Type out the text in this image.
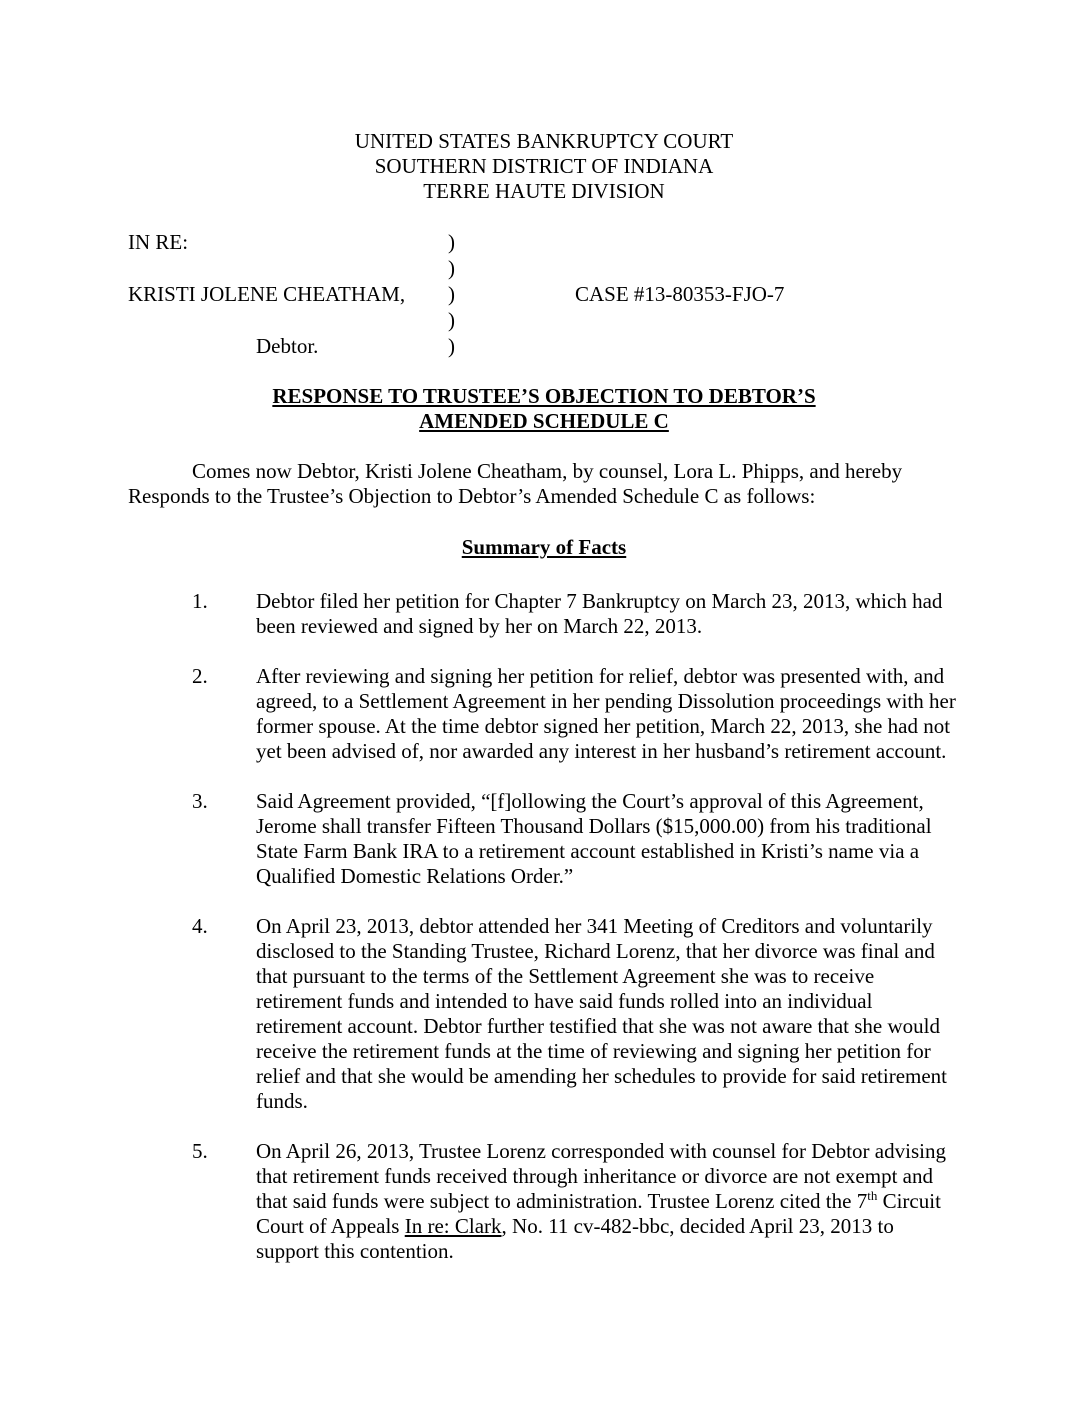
UNITED STATES BANKRUPTCY COURT
SOUTHERN DISTRICT OF INDIANA
TERRE HAUTE DIVISION
IN RE:	)
)
KRISTI JOLENE CHEATHAM, )	CASE #13-80353-FJO-7
)
Debtor.	)
RESPONSE TO TRUSTEE’S OBJECTION TO DEBTOR’S
AMENDED SCHEDULE C

Comes now Debtor, Kristi Jolene Cheatham, by counsel, Lora L. Phipps, and hereby Responds to the Trustee’s Objection to Debtor’s Amended Schedule C as follows:

Summary of Facts
1. Debtor filed her petition for Chapter 7 Bankruptcy on March 23, 2013, which had been reviewed and signed by her on March 22, 2013.
2. After reviewing and signing her petition for relief, debtor was presented with, and agreed, to a Settlement Agreement in her pending Dissolution proceedings with her former spouse. At the time debtor signed her petition, March 22, 2013, she had not yet been advised of, nor awarded any interest in her husband’s retirement account.
3. Said Agreement provided, “[f]ollowing the Court’s approval of this Agreement, Jerome shall transfer Fifteen Thousand Dollars ($15,000.00) from his traditional State Farm Bank IRA to a retirement account established in Kristi’s name via a Qualified Domestic Relations Order.”
4. On April 23, 2013, debtor attended her 341 Meeting of Creditors and voluntarily disclosed to the Standing Trustee, Richard Lorenz, that her divorce was final and that pursuant to the terms of the Settlement Agreement she was to receive retirement funds and intended to have said funds rolled into an individual retirement account. Debtor further testified that she was not aware that she would receive the retirement funds at the time of reviewing and signing her petition for relief and that she would be amending her schedules to provide for said retirement funds.
5. On April 26, 2013, Trustee Lorenz corresponded with counsel for Debtor advising that retirement funds received through inheritance or divorce are not exempt and that said funds were subject to administration. Trustee Lorenz cited the 7th Circuit Court of Appeals In re: Clark, No. 11 cv-482-bbc, decided April 23, 2013 to support this contention.
